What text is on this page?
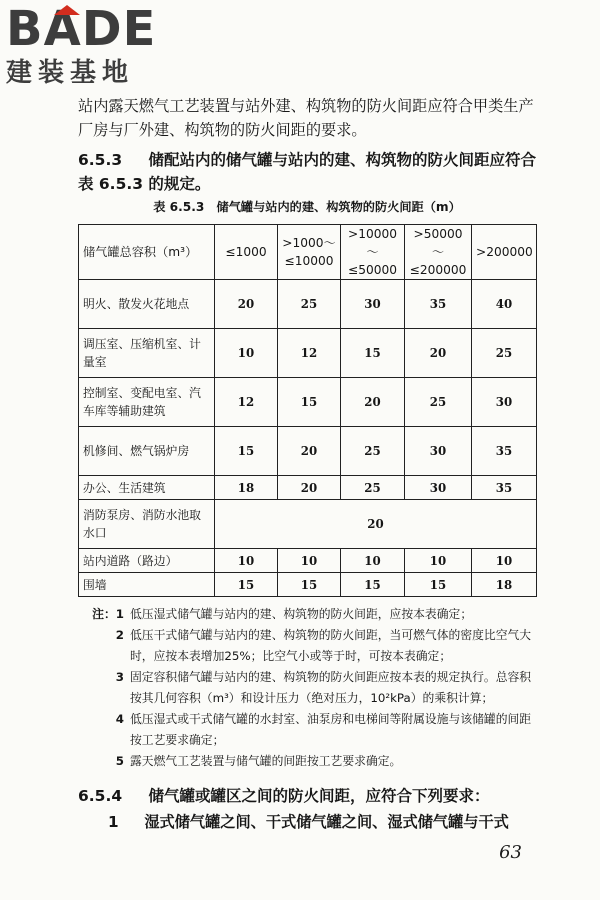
BADE
建装基地
站内露天燃气工艺装置与站外建、构筑物的防火间距应符合甲类生产厂房与厂外建、构筑物的防火间距的要求。
6.5.3 　 储配站内的储气罐与站内的建、构筑物的防火间距应符合表 6.5.3 的规定。
表 6.5.3　储气罐与站内的建、构筑物的防火间距（m）
储气罐总容积（m³）	≤1000	>1000～≤10000	>10000～≤50000	>50000～≤200000	>200000
明火、散发火花地点	20	25	30	35	40
调压室、压缩机室、计量室	10	12	15	20	25
控制室、变配电室、汽车库等辅助建筑	12	15	20	25	30
机修间、燃气锅炉房	15	20	25	30	35
办公、生活建筑	18	20	25	30	35
消防泵房、消防水池取水口	20				
站内道路（路边）	10	10	10	10	10
围墙	15	15	15	15	18
注：1 低压湿式储气罐与站内的建、构筑物的防火间距，应按本表确定；
2 低压干式储气罐与站内的建、构筑物的防火间距，当可燃气体的密度比空气大时，应按本表增加25%；比空气小或等于时，可按本表确定；
3 固定容积储气罐与站内的建、构筑物的防火间距应按本表的规定执行。总容积按其几何容积（m³）和设计压力（绝对压力，10²kPa）的乘积计算；
4 低压湿式或干式储气罐的水封室、油泵房和电梯间等附属设施与该储罐的间距按工艺要求确定；
5 露天燃气工艺装置与储气罐的间距按工艺要求确定。
6.5.4 　 储气罐或罐区之间的防火间距，应符合下列要求：
1 　 湿式储气罐之间、干式储气罐之间、湿式储气罐与干式
63
